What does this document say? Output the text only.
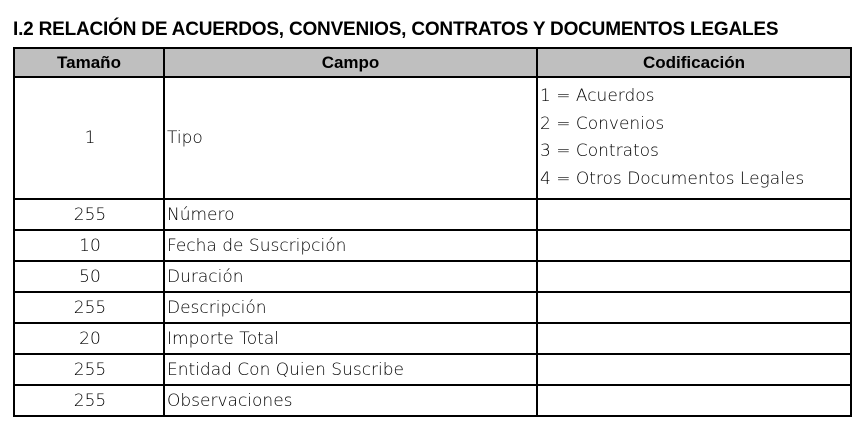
I.2 RELACIÓN DE ACUERDOS, CONVENIOS, CONTRATOS Y DOCUMENTOS LEGALES
Tamaño	Campo	Codificación
1	Tipo	1 = Acuerdos
2 = Convenios
3 = Contratos
4 = Otros Documentos Legales

255	Número	
10	Fecha de Suscripción	
50	Duración	
255	Descripción	
20	Importe Total	
255	Entidad Con Quien Suscribe	
255	Observaciones	
